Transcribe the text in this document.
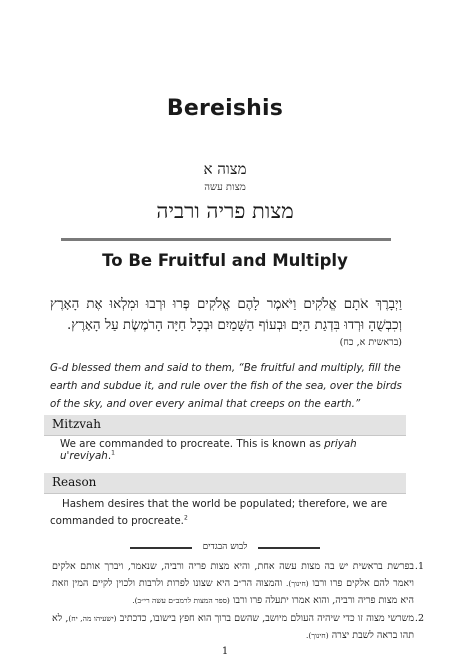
Bereishis
מצוה א
מצות עשה
מצות פריה ורביה
To Be Fruitful and Multiply
וַיְבָרֶךְ אֹתָם אֱלֹקִים וַיֹּאמֶר לָהֶם אֱלֹקִים פְּרוּ וּרְבוּ וּמִלְאוּ אֶת הָאָרֶץ וְכִבְשֻׁהָ וּרְדוּ בִּדְגַת הַיָּם וּבְעוֹף הַשָּׁמַיִם וּבְכָל חַיָּה הָרֹמֶשֶׂת עַל הָאָרֶץ.
(בראשית א, כח)
G-d blessed them and said to them, “Be fruitful and multiply, fill the earth and subdue it, and rule over the fish of the sea, over the birds of the sky, and over every animal that creeps on the earth.”
Mitzvah
We are commanded to procreate. This is known as priyah u'reviyah.$^1$
Reason
Hashem desires that the world be populated; therefore, we are commanded to procreate.$^2$
לבוש הבגדים
1.
בפרשת בראשית יש בה מצות עשה אחת, והיא מצות פריה ורביה, שנאמר, ויברך אותם אלקים ויאמר להם אלקים פרו ורבו (חינוך). והמצוה הר״ב היא שצונו לפרות ולרבות ולכוין לקיים המין וזאת היא מצות פריה ורביה, והוא אמרו יתעלה פרו ורבו (ספר המצות לרמב״ם עשה רי״ב).
2.
משרשי מצוה זו כדי שיהיה העולם מיושב, שהשם ברוך הוא חפץ בישובו, כדכתיב (ישעיהו מה, יח), לא תהו בראה לשבת יצרה (חינוך).
1
